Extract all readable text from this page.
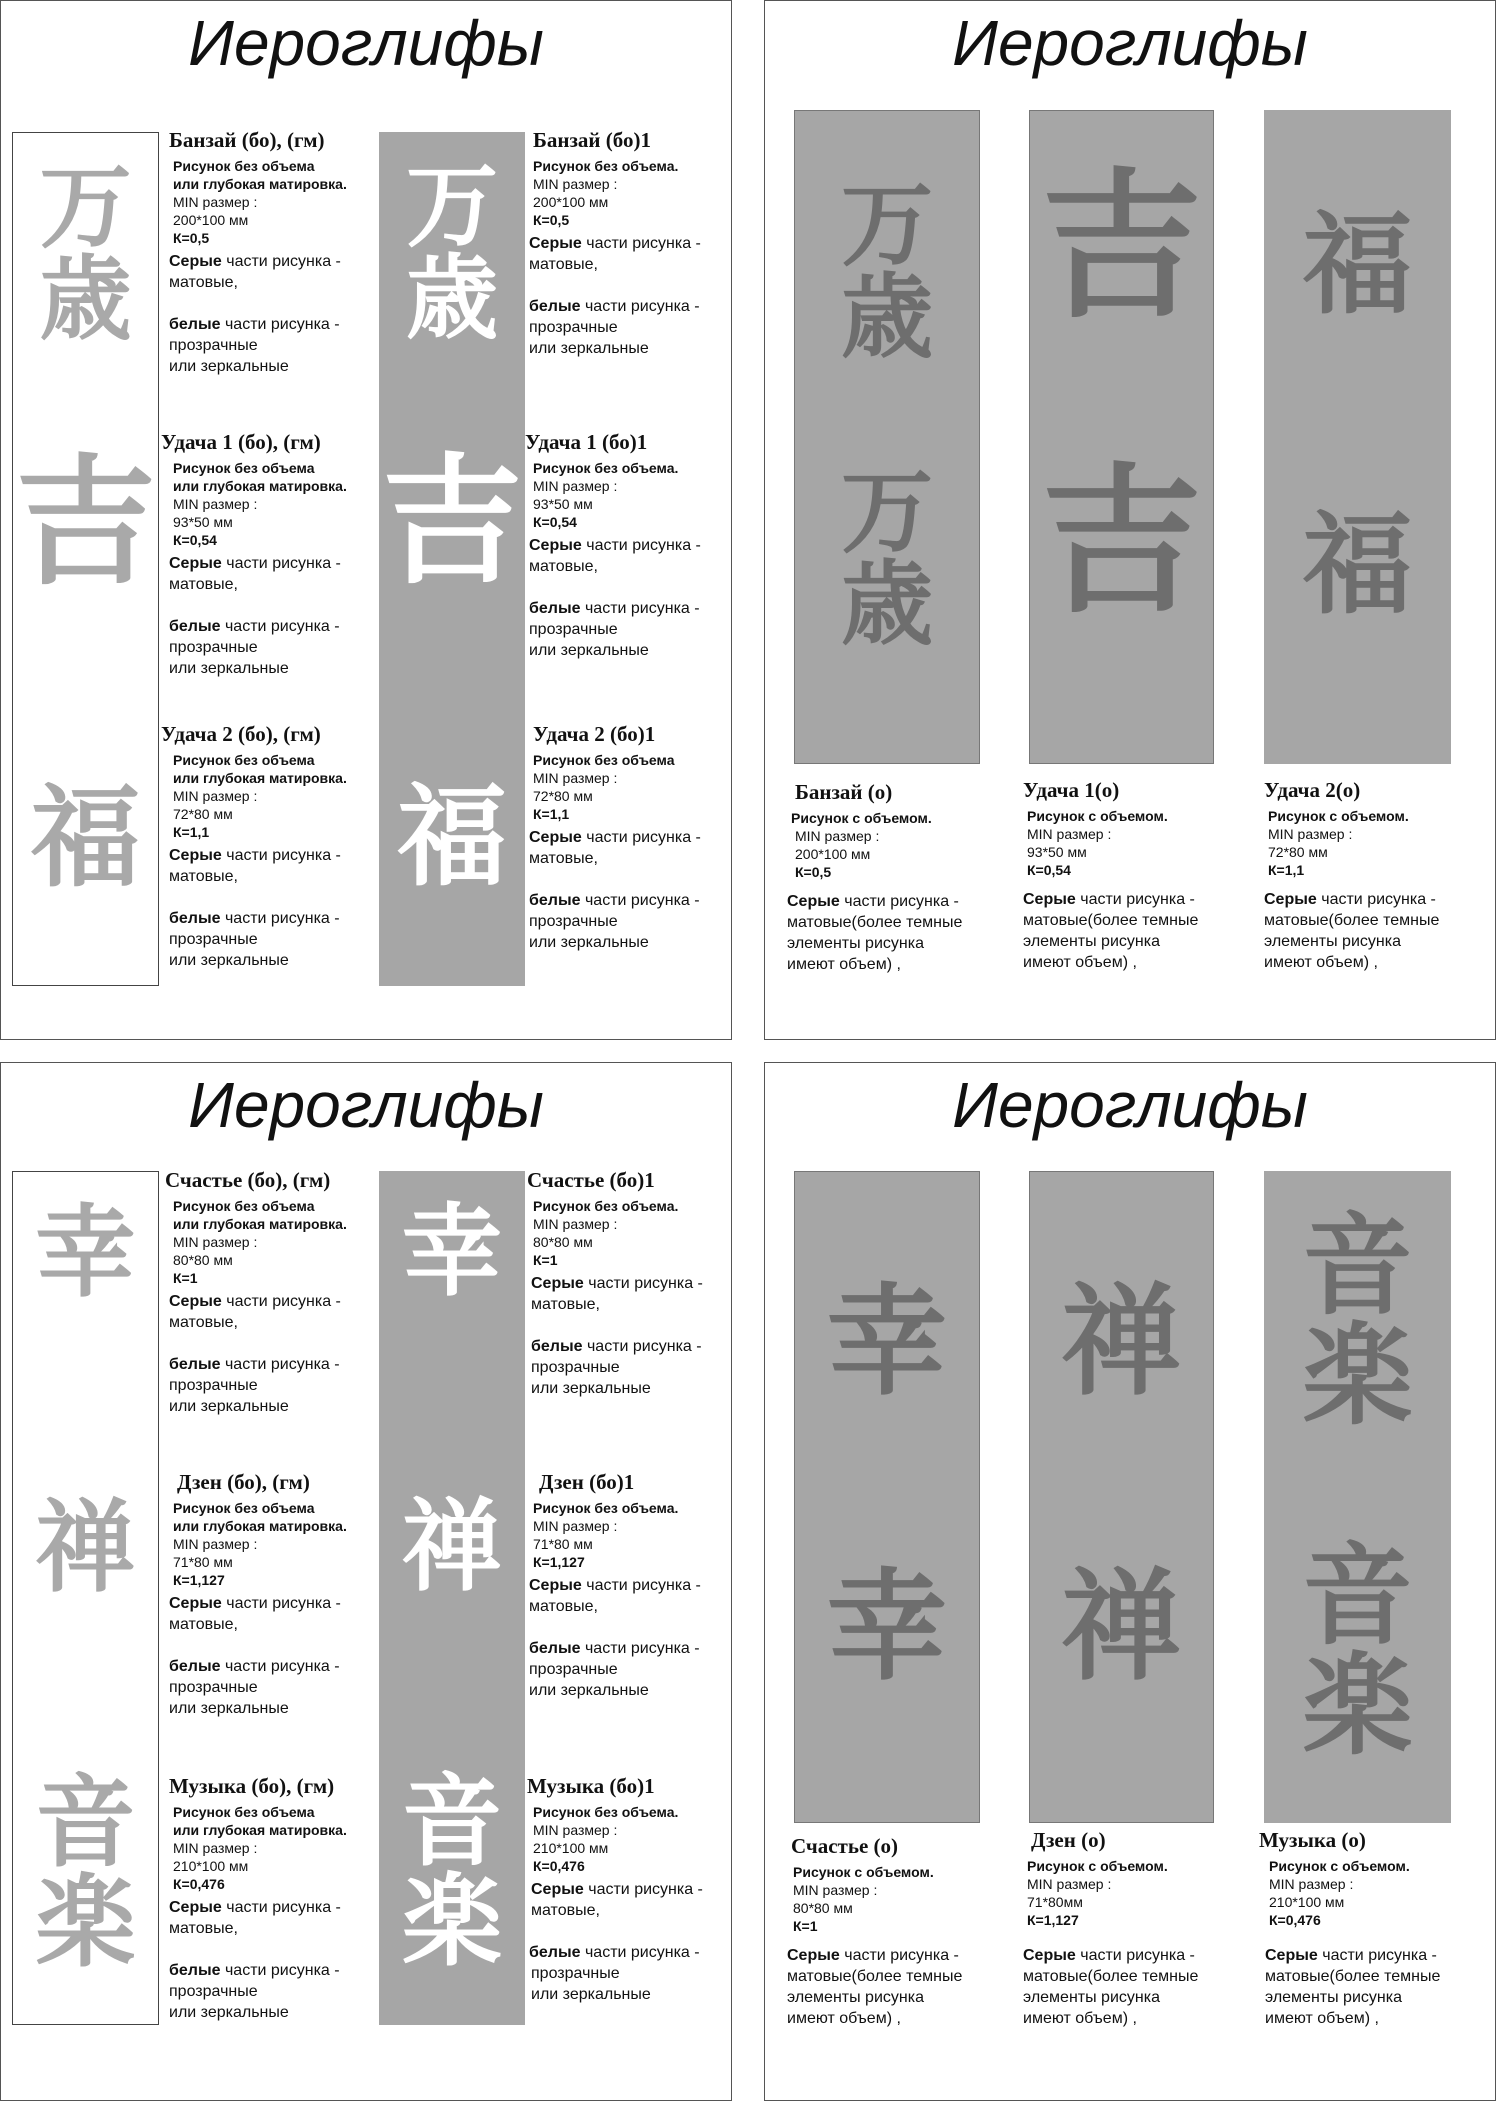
Иероглифы
万
歳
吉
福
万
歳
吉
福
Банзай (бо), (гм)
Рисунок без объема
или глубокая матировка.
MIN размер :
200*100 мм
К=0,5
Серые части рисунка -
матовые,
белые части рисунка -
прозрачные
или зеркальные
Удача 1 (бо), (гм)
Рисунок без объема
или глубокая матировка.
MIN размер :
93*50 мм
К=0,54
Серые части рисунка -
матовые,
белые части рисунка -
прозрачные
или зеркальные
Удача 2 (бо), (гм)
Рисунок без объема
или глубокая матировка.
MIN размер :
72*80 мм
К=1,1
Серые части рисунка -
матовые,
белые части рисунка -
прозрачные
или зеркальные
Банзай (бо)1
Рисунок без объема.
MIN размер :
200*100 мм
К=0,5
Серые части рисунка -
матовые,
белые части рисунка -
прозрачные
или зеркальные
Удача 1 (бо)1
Рисунок без объема.
MIN размер :
93*50 мм
К=0,54
Серые части рисунка -
матовые,
белые части рисунка -
прозрачные
или зеркальные
Удача 2 (бо)1
Рисунок без объема
MIN размер :
72*80 мм
К=1,1
Серые части рисунка -
матовые,
белые части рисунка -
прозрачные
или зеркальные
Иероглифы
万
歳
万
歳
吉
吉
福
福
Банзай (о)
Рисунок с объемом.
MIN размер :
200*100 мм
К=0,5
Серые части рисунка -
матовые(более темные
элементы рисунка
имеют объем) ,
Удача 1(о)
Рисунок с объемом.
MIN размер :
93*50 мм
К=0,54
Серые части рисунка -
матовые(более темные
элементы рисунка
имеют объем) ,
Удача 2(о)
Рисунок с объемом.
MIN размер :
72*80 мм
К=1,1
Серые части рисунка -
матовые(более темные
элементы рисунка
имеют объем) ,
Иероглифы
幸
禅
音
楽
幸
禅
音
楽
Счастье (бо), (гм)
Рисунок без объема
или глубокая матировка.
MIN размер :
80*80 мм
К=1
Серые части рисунка -
матовые,
белые части рисунка -
прозрачные
или зеркальные
Дзен (бо), (гм)
Рисунок без объема
или глубокая матировка.
MIN размер :
71*80 мм
К=1,127
Серые части рисунка -
матовые,
белые части рисунка -
прозрачные
или зеркальные
Музыка (бо), (гм)
Рисунок без объема
или глубокая матировка.
MIN размер :
210*100 мм
К=0,476
Серые части рисунка -
матовые,
белые части рисунка -
прозрачные
или зеркальные
Счастье (бо)1
Рисунок без объема.
MIN размер :
80*80 мм
К=1
Серые части рисунка -
матовые,
белые части рисунка -
прозрачные
или зеркальные
Дзен (бо)1
Рисунок без объема.
MIN размер :
71*80 мм
К=1,127
Серые части рисунка -
матовые,
белые части рисунка -
прозрачные
или зеркальные
Музыка (бо)1
Рисунок без объема.
MIN размер :
210*100 мм
К=0,476
Серые части рисунка -
матовые,
белые части рисунка -
прозрачные
или зеркальные
Иероглифы
幸
幸
禅
禅
音
楽
音
楽
Счастье (о)
Рисунок с объемом.
MIN размер :
80*80 мм
К=1
Серые части рисунка -
матовые(более темные
элементы рисунка
имеют объем) ,
Дзен (о)
Рисунок с объемом.
MIN размер :
71*80мм
К=1,127
Серые части рисунка -
матовые(более темные
элементы рисунка
имеют объем) ,
Музыка (о)
Рисунок с объемом.
MIN размер :
210*100 мм
К=0,476
Серые части рисунка -
матовые(более темные
элементы рисунка
имеют объем) ,
